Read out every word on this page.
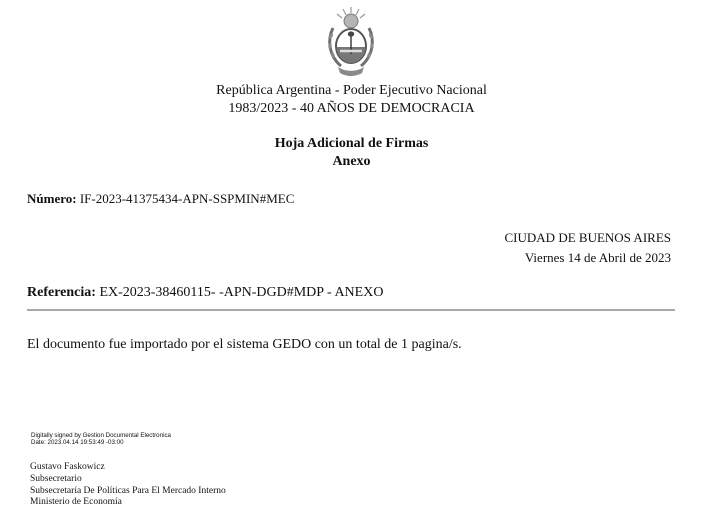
República Argentina - Poder Ejecutivo Nacional
1983/2023 - 40 AÑOS DE DEMOCRACIA
Hoja Adicional de Firmas
Anexo
Número: IF-2023-41375434-APN-SSPMIN#MEC
CIUDAD DE BUENOS AIRES
Viernes 14 de Abril de 2023
Referencia: EX-2023-38460115- -APN-DGD#MDP - ANEXO
El documento fue importado por el sistema GEDO con un total de 1 pagina/s.
Digitally signed by Gestion Documental Electronica
Date: 2023.04.14 19:53:49 -03:00
Gustavo Faskowicz
Subsecretario
Subsecretaría De Políticas Para El Mercado Interno
Ministerio de Economía
